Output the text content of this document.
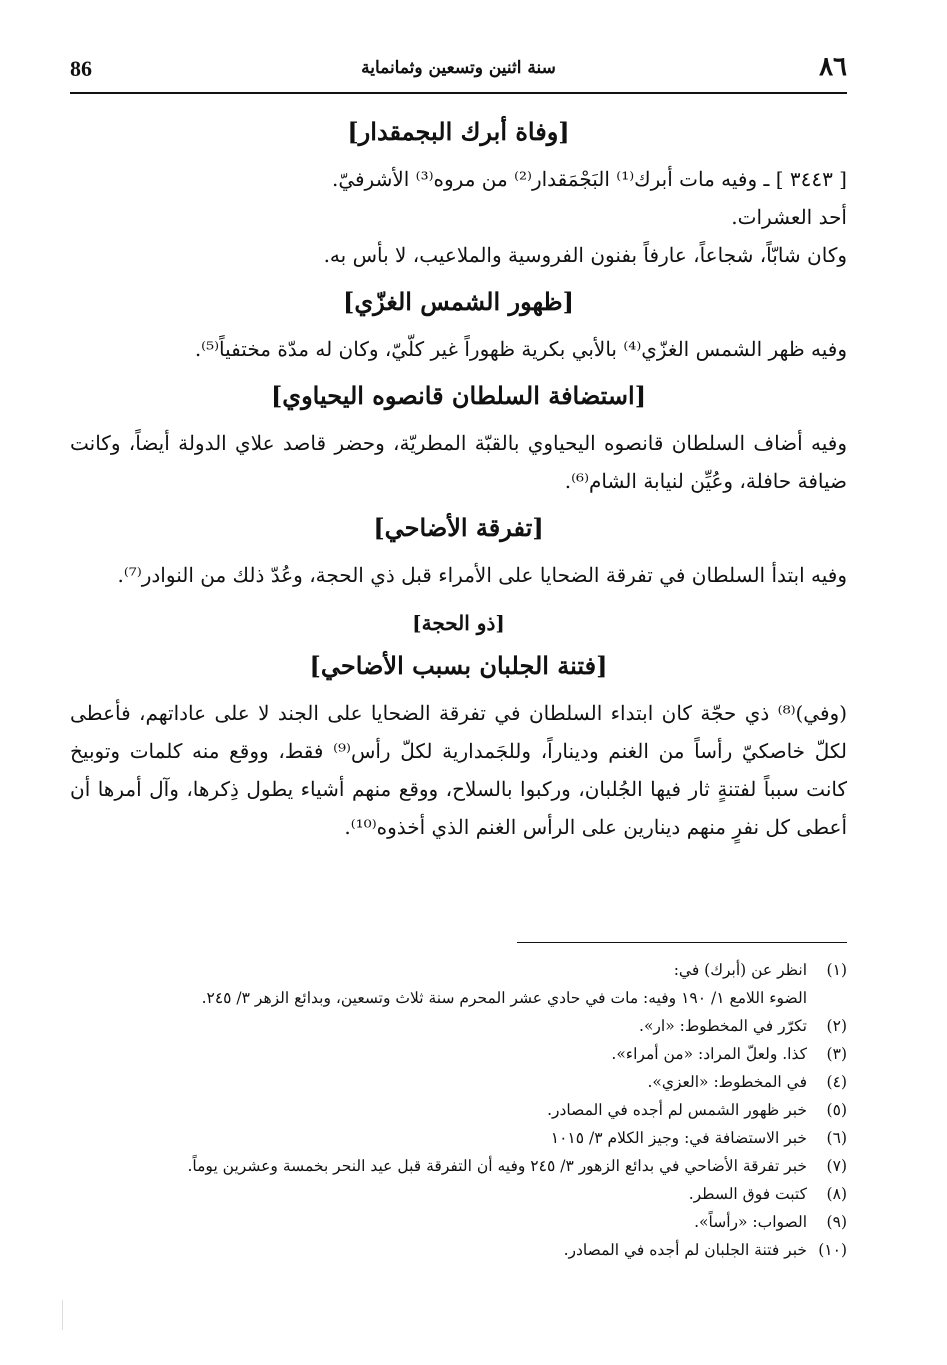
٨٦
سنة اثنين وتسعين وثمانماية
86
[وفاة أبرك البجمقدار]

[ ٣٤٤٣ ] ـ وفيه مات أبرك⁽¹⁾ البَجْمَقدار⁽²⁾ من مروه⁽³⁾ الأشرفيّ.

أحد العشرات.

وكان شابّاً، شجاعاً، عارفاً بفنون الفروسية والملاعيب، لا بأس به.

[ظهور الشمس الغزّي]

وفيه ظهر الشمس الغزّي⁽⁴⁾ بالأبي بكرية ظهوراً غير كلّيّ، وكان له مدّة مختفياً⁽⁵⁾.

[استضافة السلطان قانصوه اليحياوي]

وفيه أضاف السلطان قانصوه اليحياوي بالقبّة المطريّة، وحضر قاصد علاي الدولة أيضاً، وكانت ضيافة حافلة، وعُيِّن لنيابة الشام⁽⁶⁾.

[تفرقة الأضاحي]

وفيه ابتدأ السلطان في تفرقة الضحايا على الأمراء قبل ذي الحجة، وعُدّ ذلك من النوادر⁽⁷⁾.

[ذو الحجة]
[فتنة الجلبان بسبب الأضاحي]

(وفي)⁽⁸⁾ ذي حجّة كان ابتداء السلطان في تفرقة الضحايا على الجند لا على عاداتهم، فأعطى لكلّ خاصكيّ رأساً من الغنم وديناراً، وللجَمدارية لكلّ رأس⁽⁹⁾ فقط، ووقع منه كلمات وتوبيخ كانت سبباً لفتنةٍ ثار فيها الجُلبان، وركبوا بالسلاح، ووقع منهم أشياء يطول ذِكرها، وآل أمرها أن أعطى كل نفرٍ منهم دينارين على الرأس الغنم الذي أخذوه⁽¹⁰⁾.

(١)
انظر عن (أبرك) في:
الضوء اللامع ١/ ١٩٠ وفيه: مات في حادي عشر المحرم سنة ثلاث وتسعين، وبدائع الزهر ٣/ ٢٤٥.
(٢)
تكرّر في المخطوط: «ار».
(٣)
كذا. ولعلّ المراد: «من أمراء».
(٤)
في المخطوط: «العزي».
(٥)
خبر ظهور الشمس لم أجده في المصادر.
(٦)
خبر الاستضافة في: وجيز الكلام ٣/ ١٠١٥
(٧)
خبر تفرقة الأضاحي في بدائع الزهور ٣/ ٢٤٥ وفيه أن التفرقة قبل عيد النحر بخمسة وعشرين يوماً.
(٨)
كتبت فوق السطر.
(٩)
الصواب: «رأساً».
(١٠)
خبر فتنة الجلبان لم أجده في المصادر.
